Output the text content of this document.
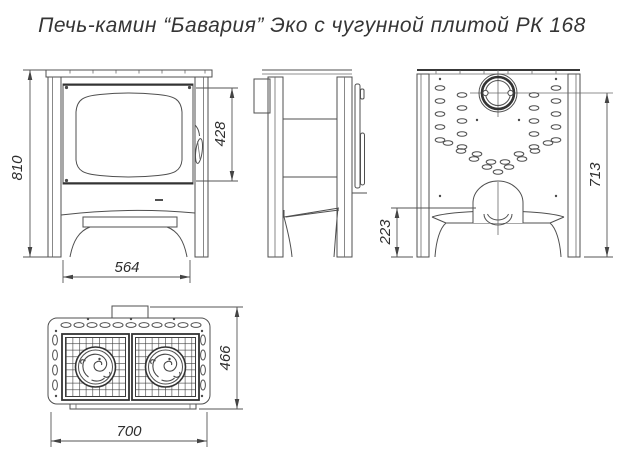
Печь-камин “Бавария” Эко с чугунной плитой РК 168
810
428
564
713
223
700
466
